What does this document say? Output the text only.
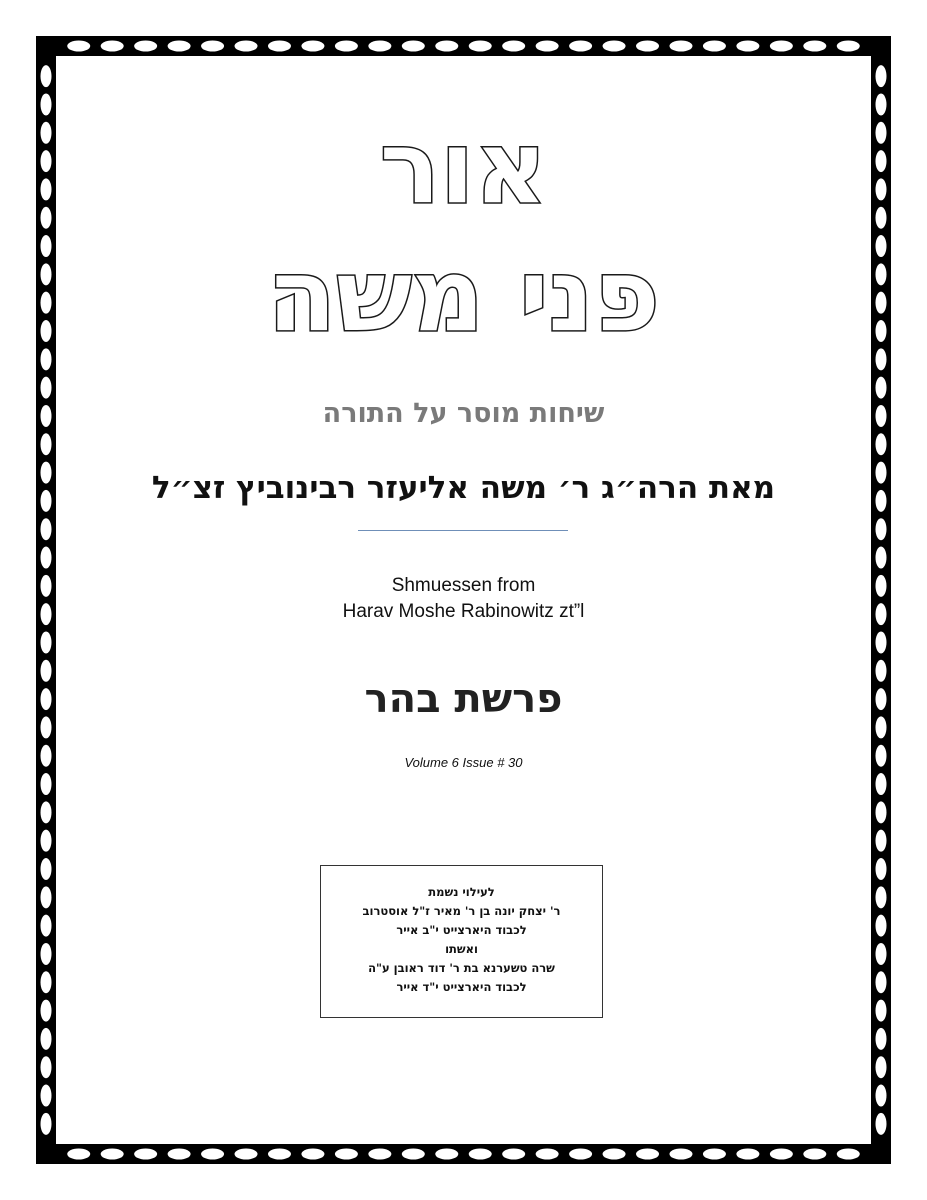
אור
פני משה
שיחות מוסר על התורה
מאת הרה״ג ר׳ משה אליעזר רבינוביץ זצ״ל
Shmuessen from
Harav Moshe Rabinowitz zt”l
פרשת בהר
Volume 6 Issue # 30
לעילוי נשמת
ר' יצחק יונה בן ר' מאיר ז"ל אוסטרוב
לכבוד היארצייט י"ב אייר
ואשתו
שרה טשערנא בת ר' דוד ראובן ע"ה
לכבוד היארצייט י"ד אייר
